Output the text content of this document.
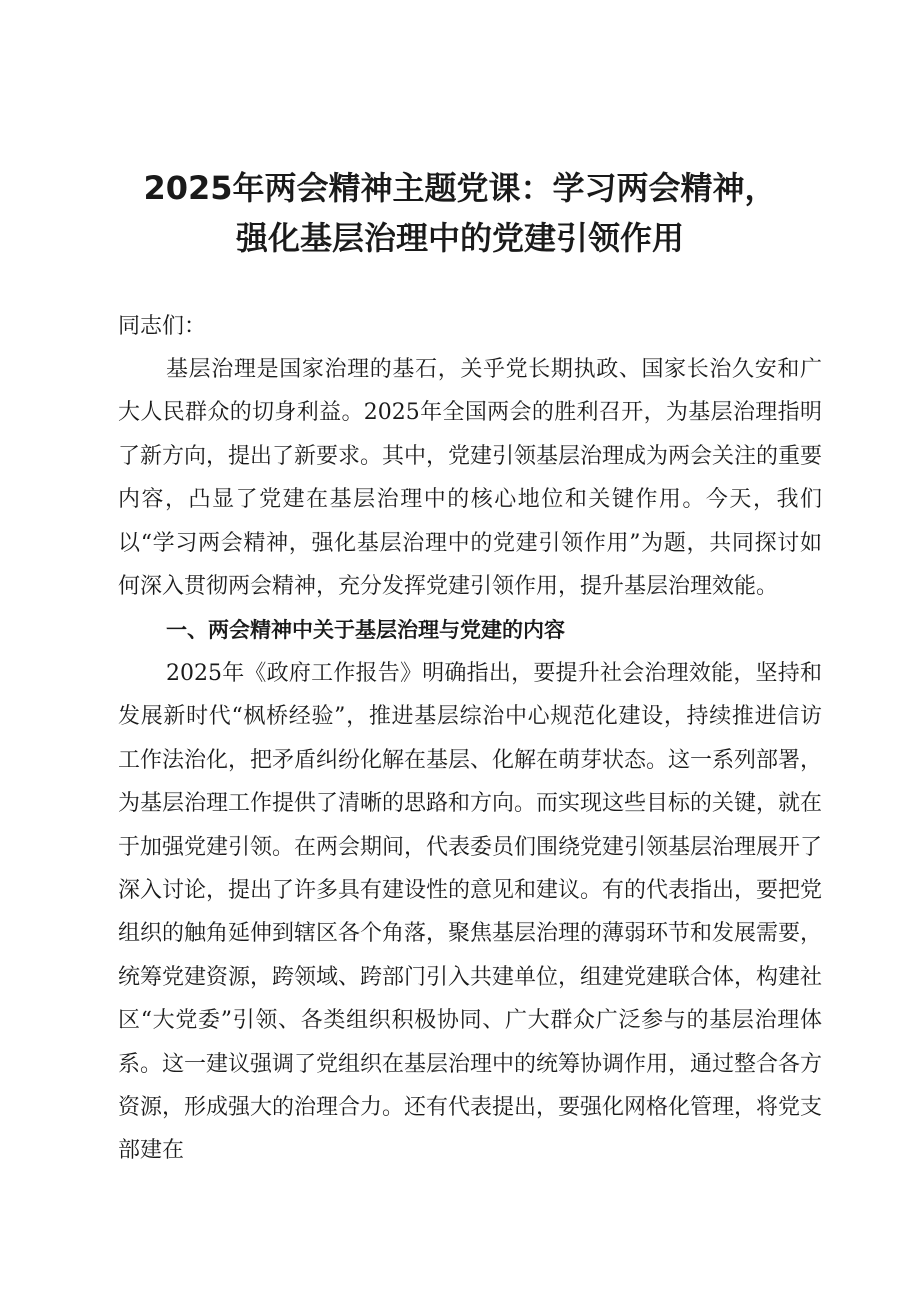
2025年两会精神主题党课：学习两会精神，
强化基层治理中的党建引领作用
同志们：

基层治理是国家治理的基石，关乎党长期执政、国家长治久安和广大人民群众的切身利益。2025年全国两会的胜利召开，为基层治理指明了新方向，提出了新要求。其中，党建引领基层治理成为两会关注的重要内容，凸显了党建在基层治理中的核心地位和关键作用。今天，我们以“学习两会精神，强化基层治理中的党建引领作用”为题，共同探讨如何深入贯彻两会精神，充分发挥党建引领作用，提升基层治理效能。

一、两会精神中关于基层治理与党建的内容

2025年《政府工作报告》明确指出，要提升社会治理效能，坚持和发展新时代“枫桥经验”，推进基层综治中心规范化建设，持续推进信访工作法治化，把矛盾纠纷化解在基层、化解在萌芽状态。这一系列部署，为基层治理工作提供了清晰的思路和方向。而实现这些目标的关键，就在于加强党建引领。在两会期间，代表委员们围绕党建引领基层治理展开了深入讨论，提出了许多具有建设性的意见和建议。有的代表指出，要把党组织的触角延伸到辖区各个角落，聚焦基层治理的薄弱环节和发展需要，统筹党建资源，跨领域、跨部门引入共建单位，组建党建联合体，构建社区“大党委”引领、各类组织积极协同、广大群众广泛参与的基层治理体系。这一建议强调了党组织在基层治理中的统筹协调作用，通过整合各方资源，形成强大的治理合力。还有代表提出，要强化网格化管理，将党支部建在
